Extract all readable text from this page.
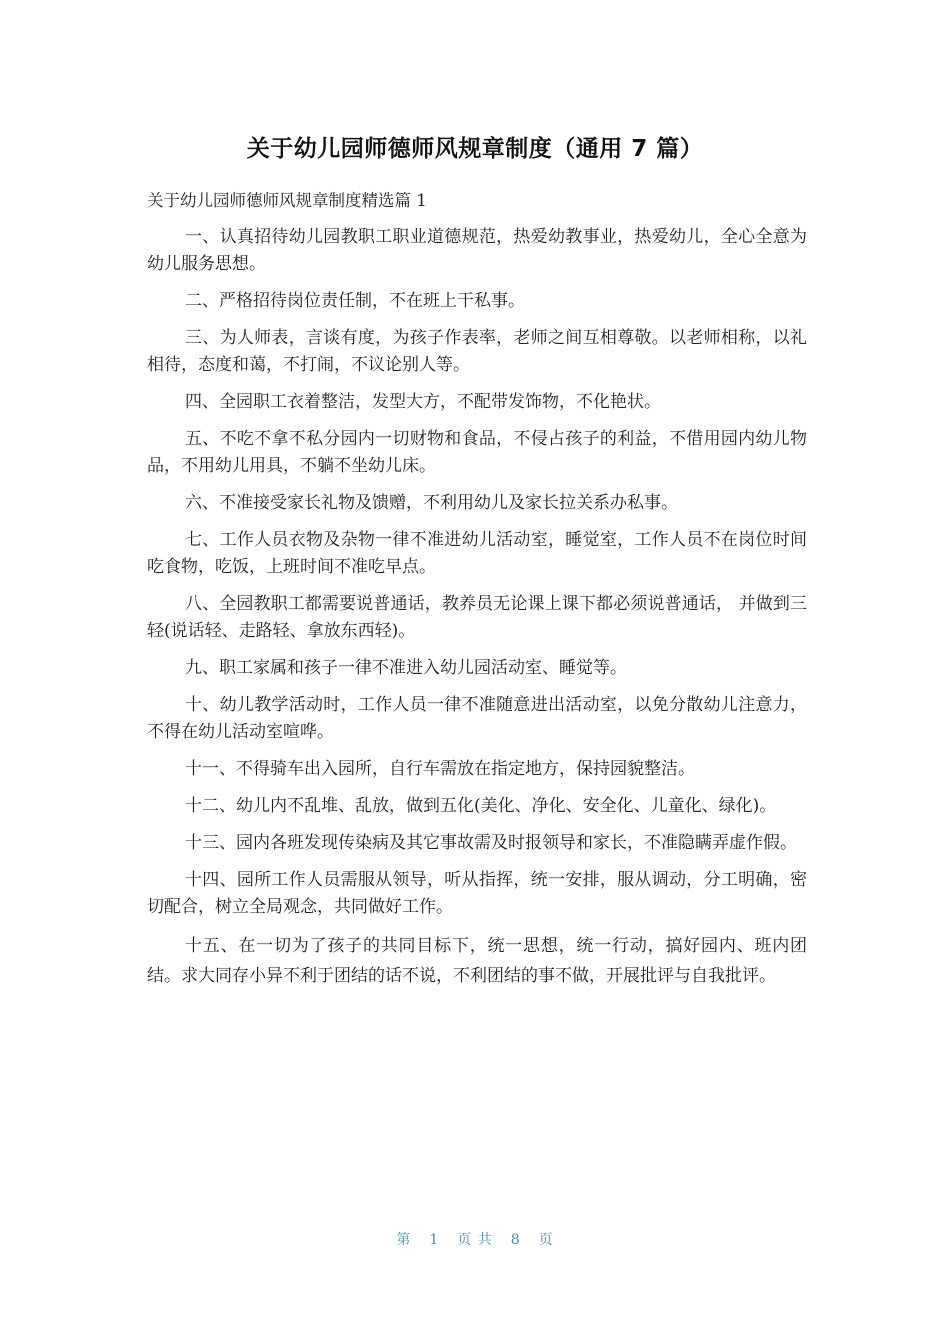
关于幼儿园师德师风规章制度（通用 7 篇）

关于幼儿园师德师风规章制度精选篇 1

一、认真招待幼儿园教职工职业道德规范，热爱幼教事业，热爱幼儿，全心全意为幼儿服务思想。

二、严格招待岗位责任制，不在班上干私事。

三、为人师表，言谈有度，为孩子作表率，老师之间互相尊敬。以老师相称，以礼相待，态度和蔼，不打闹，不议论别人等。

四、全园职工衣着整洁，发型大方，不配带发饰物，不化艳状。

五、不吃不拿不私分园内一切财物和食品，不侵占孩子的利益，不借用园内幼儿物品，不用幼儿用具，不躺不坐幼儿床。

六、不准接受家长礼物及馈赠，不利用幼儿及家长拉关系办私事。

七、工作人员衣物及杂物一律不准进幼儿活动室，睡觉室，工作人员不在岗位时间吃食物，吃饭，上班时间不准吃早点。

八、全园教职工都需要说普通话，教养员无论课上课下都必须说普通话， 并做到三轻(说话轻、走路轻、拿放东西轻)。

九、职工家属和孩子一律不准进入幼儿园活动室、睡觉等。

十、幼儿教学活动时，工作人员一律不准随意进出活动室，以免分散幼儿注意力，不得在幼儿活动室喧哗。

十一、不得骑车出入园所，自行车需放在指定地方，保持园貌整洁。

十二、幼儿内不乱堆、乱放，做到五化(美化、净化、安全化、儿童化、绿化)。

十三、园内各班发现传染病及其它事故需及时报领导和家长，不准隐瞒弄虚作假。

十四、园所工作人员需服从领导，听从指挥，统一安排，服从调动，分工明确，密切配合，树立全局观念，共同做好工作。

十五、在一切为了孩子的共同目标下，统一思想，统一行动，搞好园内、班内团结。求大同存小异不利于团结的话不说，不利团结的事不做，开展批评与自我批评。

第 1 页 共 8 页
